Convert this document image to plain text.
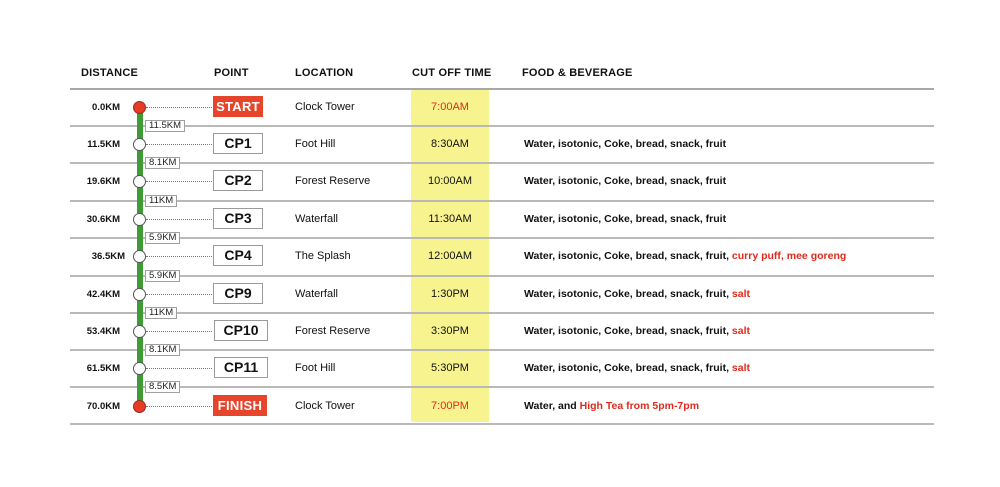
DISTANCE	POINT	LOCATION	CUT OFF TIME	FOOD & BEVERAGE
0.0KM	START	Clock Tower	7:00AM
11.5KM	CP1	Foot Hill	8:30AM	Water, isotonic, Coke, bread, snack, fruit
19.6KM	CP2	Forest Reserve	10:00AM	Water, isotonic, Coke, bread, snack, fruit
30.6KM	CP3	Waterfall	11:30AM	Water, isotonic, Coke, bread, snack, fruit
36.5KM	CP4	The Splash	12:00AM	Water, isotonic, Coke, bread, snack, fruit, curry puff, mee goreng
42.4KM	CP9	Waterfall	1:30PM	Water, isotonic, Coke, bread, snack, fruit, salt
53.4KM	CP10	Forest Reserve	3:30PM	Water, isotonic, Coke, bread, snack, fruit, salt
61.5KM	CP11	Foot Hill	5:30PM	Water, isotonic, Coke, bread, snack, fruit, salt
70.0KM	FINISH	Clock Tower	7:00PM	Water, and High Tea from 5pm-7pm
11.5KM
8.1KM
11KM
5.9KM
5.9KM
11KM
8.1KM
8.5KM
